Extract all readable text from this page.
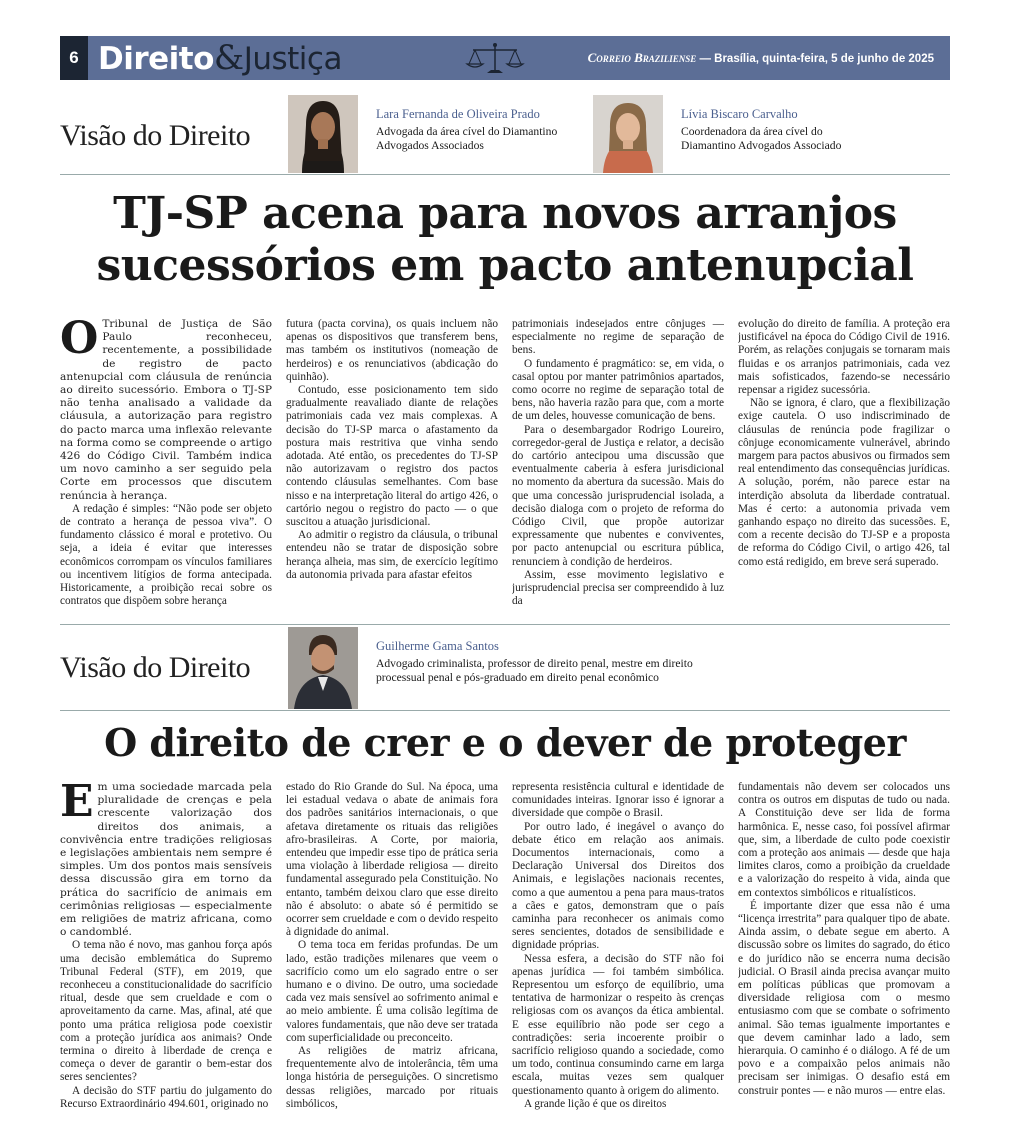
6 Direito&Justiça	Correio Braziliense — Brasília, quinta-feira, 5 de junho de 2025
Visão do Direito
Lara Fernanda de Oliveira Prado
Advogada da área cível do Diamantino
Advogados Associados
Lívia Biscaro Carvalho
Coordenadora da área cível do
Diamantino Advogados Associado
TJ-SP acena para novos arranjos
sucessórios em pacto antenupcial

O Tribunal de Justiça de São Paulo reconheceu, recentemente, a possibilidade de registro de pacto antenupcial com cláusula de renúncia ao direito sucessório. Embora o TJ-SP não tenha analisado a validade da cláusula, a autorização para registro do pacto marca uma inflexão relevante na forma como se compreende o artigo 426 do Código Civil. Também indica um novo caminho a ser seguido pela Corte em processos que discutem renúncia à herança.

A redação é simples: “Não pode ser objeto de contrato a herança de pessoa viva”. O fundamento clássico é moral e protetivo. Ou seja, a ideia é evitar que interesses econômicos corrompam os vínculos familiares ou incentivem litígios de forma antecipada. Historicamente, a proibição recai sobre os contratos que dispõem sobre herança

futura (pacta corvina), os quais incluem não apenas os dispositivos que transferem bens, mas também os institutivos (nomeação de herdeiros) e os renunciativos (abdicação do quinhão).

Contudo, esse posicionamento tem sido gradualmente reavaliado diante de relações patrimoniais cada vez mais complexas. A decisão do TJ-SP marca o afastamento da postura mais restritiva que vinha sendo adotada. Até então, os precedentes do TJ-SP não autorizavam o registro dos pactos contendo cláusulas semelhantes. Com base nisso e na interpretação literal do artigo 426, o cartório negou o registro do pacto — o que suscitou a atuação jurisdicional.

Ao admitir o registro da cláusula, o tribunal entendeu não se tratar de disposição sobre herança alheia, mas sim, de exercício legítimo da autonomia privada para afastar efeitos

patrimoniais indesejados entre cônjuges — especialmente no regime de separação de bens.

O fundamento é pragmático: se, em vida, o casal optou por manter patrimônios apartados, como ocorre no regime de separação total de bens, não haveria razão para que, com a morte de um deles, houvesse comunicação de bens.

Para o desembargador Rodrigo Loureiro, corregedor-geral de Justiça e relator, a decisão do cartório antecipou uma discussão que eventualmente caberia à esfera jurisdicional no momento da abertura da sucessão. Mais do que uma concessão jurisprudencial isolada, a decisão dialoga com o projeto de reforma do Código Civil, que propõe autorizar expressamente que nubentes e conviventes, por pacto antenupcial ou escritura pública, renunciem à condição de herdeiros.

Assim, esse movimento legislativo e jurisprudencial precisa ser compreendido à luz da

evolução do direito de família. A proteção era justificável na época do Código Civil de 1916. Porém, as relações conjugais se tornaram mais fluidas e os arranjos patrimoniais, cada vez mais sofisticados, fazendo-se necessário repensar a rigidez sucessória.

Não se ignora, é claro, que a flexibilização exige cautela. O uso indiscriminado de cláusulas de renúncia pode fragilizar o cônjuge economicamente vulnerável, abrindo margem para pactos abusivos ou firmados sem real entendimento das consequências jurídicas. A solução, porém, não parece estar na interdição absoluta da liberdade contratual. Mas é certo: a autonomia privada vem ganhando espaço no direito das sucessões. E, com a recente decisão do TJ-SP e a proposta de reforma do Código Civil, o artigo 426, tal como está redigido, em breve será superado.

Visão do Direito
Guilherme Gama Santos
Advogado criminalista, professor de direito penal, mestre em direito
processual penal e pós-graduado em direito penal econômico
O direito de crer e o dever de proteger

Em uma sociedade marcada pela pluralidade de crenças e pela crescente valorização dos direitos dos animais, a convivência entre tradições religiosas e legislações ambientais nem sempre é simples. Um dos pontos mais sensíveis dessa discussão gira em torno da prática do sacrifício de animais em cerimônias religiosas — especialmente em religiões de matriz africana, como o candomblé.

O tema não é novo, mas ganhou força após uma decisão emblemática do Supremo Tribunal Federal (STF), em 2019, que reconheceu a constitucionalidade do sacrifício ritual, desde que sem crueldade e com o aproveitamento da carne. Mas, afinal, até que ponto uma prática religiosa pode coexistir com a proteção jurídica aos animais? Onde termina o direito à liberdade de crença e começa o dever de garantir o bem-estar dos seres sencientes?

A decisão do STF partiu do julgamento do Recurso Extraordinário 494.601, originado no

estado do Rio Grande do Sul. Na época, uma lei estadual vedava o abate de animais fora dos padrões sanitários internacionais, o que afetava diretamente os rituais das religiões afro-brasileiras. A Corte, por maioria, entendeu que impedir esse tipo de prática seria uma violação à liberdade religiosa — direito fundamental assegurado pela Constituição. No entanto, também deixou claro que esse direito não é absoluto: o abate só é permitido se ocorrer sem crueldade e com o devido respeito à dignidade do animal.

O tema toca em feridas profundas. De um lado, estão tradições milenares que veem o sacrifício como um elo sagrado entre o ser humano e o divino. De outro, uma sociedade cada vez mais sensível ao sofrimento animal e ao meio ambiente. É uma colisão legítima de valores fundamentais, que não deve ser tratada com superficialidade ou preconceito.

As religiões de matriz africana, frequentemente alvo de intolerância, têm uma longa história de perseguições. O sincretismo dessas religiões, marcado por rituais simbólicos,

representa resistência cultural e identidade de comunidades inteiras. Ignorar isso é ignorar a diversidade que compõe o Brasil.

Por outro lado, é inegável o avanço do debate ético em relação aos animais. Documentos internacionais, como a Declaração Universal dos Direitos dos Animais, e legislações nacionais recentes, como a que aumentou a pena para maus-tratos a cães e gatos, demonstram que o país caminha para reconhecer os animais como seres sencientes, dotados de sensibilidade e dignidade próprias.

Nessa esfera, a decisão do STF não foi apenas jurídica — foi também simbólica. Representou um esforço de equilíbrio, uma tentativa de harmonizar o respeito às crenças religiosas com os avanços da ética ambiental. E esse equilíbrio não pode ser cego a contradições: seria incoerente proibir o sacrifício religioso quando a sociedade, como um todo, continua consumindo carne em larga escala, muitas vezes sem qualquer questionamento quanto à origem do alimento.

A grande lição é que os direitos

fundamentais não devem ser colocados uns contra os outros em disputas de tudo ou nada. A Constituição deve ser lida de forma harmônica. E, nesse caso, foi possível afirmar que, sim, a liberdade de culto pode coexistir com a proteção aos animais — desde que haja limites claros, como a proibição da crueldade e a valorização do respeito à vida, ainda que em contextos simbólicos e ritualísticos.

É importante dizer que essa não é uma “licença irrestrita” para qualquer tipo de abate. Ainda assim, o debate segue em aberto. A discussão sobre os limites do sagrado, do ético e do jurídico não se encerra numa decisão judicial. O Brasil ainda precisa avançar muito em políticas públicas que promovam a diversidade religiosa com o mesmo entusiasmo com que se combate o sofrimento animal. São temas igualmente importantes e que devem caminhar lado a lado, sem hierarquia. O caminho é o diálogo. A fé de um povo e a compaixão pelos animais não precisam ser inimigas. O desafio está em construir pontes — e não muros — entre elas.
